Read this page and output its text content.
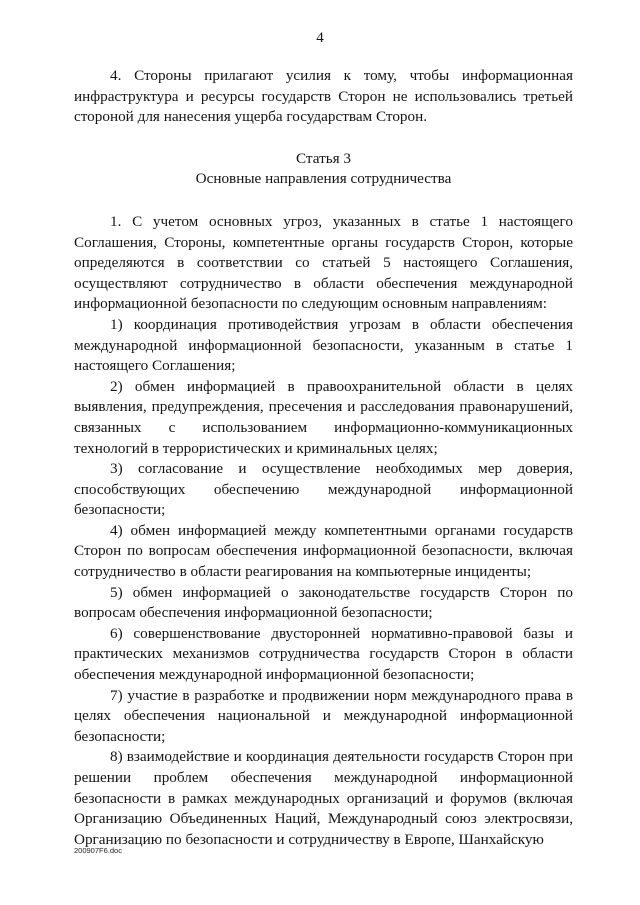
4

4. Стороны прилагают усилия к тому, чтобы информационная инфраструктура и ресурсы государств Сторон не использовались третьей стороной для нанесения ущерба государствам Сторон.

Статья 3

Основные направления сотрудничества

1. С учетом основных угроз, указанных в статье 1 настоящего Соглашения, Стороны, компетентные органы государств Сторон, которые определяются в соответствии со статьей 5 настоящего Соглашения, осуществляют сотрудничество в области обеспечения международной информационной безопасности по следующим основным направлениям:

1) координация противодействия угрозам в области обеспечения международной информационной безопасности, указанным в статье 1 настоящего Соглашения;

2) обмен информацией в правоохранительной области в целях выявления, предупреждения, пресечения и расследования правонарушений, связанных с использованием информационно-коммуникационных технологий в террористических и криминальных целях;

3) согласование и осуществление необходимых мер доверия, способствующих обеспечению международной информационной безопасности;

4) обмен информацией между компетентными органами государств Сторон по вопросам обеспечения информационной безопасности, включая сотрудничество в области реагирования на компьютерные инциденты;

5) обмен информацией о законодательстве государств Сторон по вопросам обеспечения информационной безопасности;

6) совершенствование двусторонней нормативно-правовой базы и практических механизмов сотрудничества государств Сторон в области обеспечения международной информационной безопасности;

7) участие в разработке и продвижении норм международного права в целях обеспечения национальной и международной информационной безопасности;

8) взаимодействие и координация деятельности государств Сторон при решении проблем обеспечения международной информационной безопасности в рамках международных организаций и форумов (включая Организацию Объединенных Наций, Международный союз электросвязи, Организацию по безопасности и сотрудничеству в Европе, Шанхайскую

200907F6.doc
